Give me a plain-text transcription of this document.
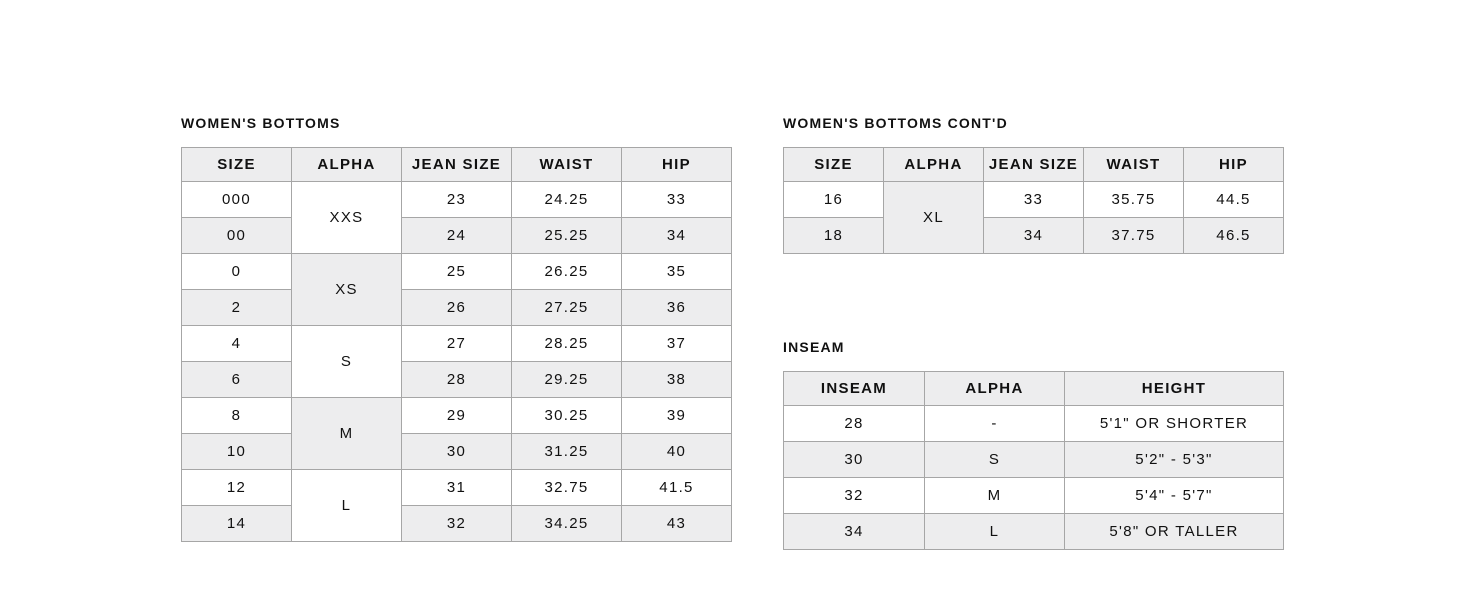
WOMEN'S BOTTOMS
SIZE	ALPHA	JEAN SIZE	WAIST	HIP
000	XXS	23	24.25	33
00		24	25.25	34
0	XS	25	26.25	35
2		26	27.25	36
4	S	27	28.25	37
6		28	29.25	38
8	M	29	30.25	39
10		30	31.25	40
12	L	31	32.75	41.5
14		32	34.25	43
WOMEN'S BOTTOMS CONT'D
SIZE	ALPHA	JEAN SIZE	WAIST	HIP
16	XL	33	35.75	44.5
18		34	37.75	46.5
INSEAM
INSEAM	ALPHA	HEIGHT
28	-	5'1" OR SHORTER
30	S	5'2" - 5'3"
32	M	5'4" - 5'7"
34	L	5'8" OR TALLER
